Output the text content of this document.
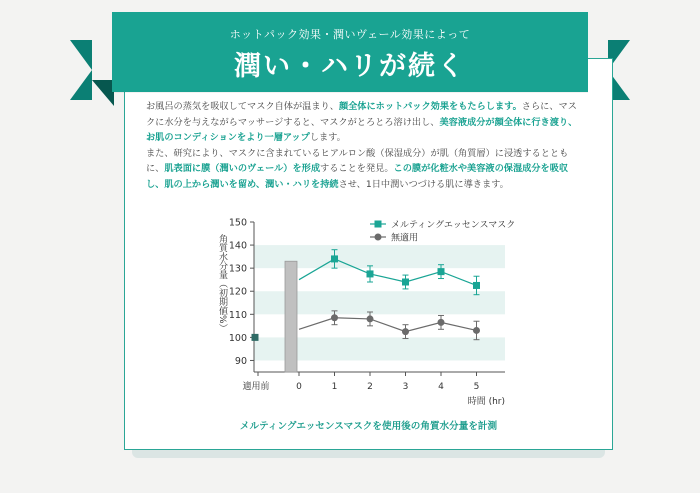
ホットパック効果・潤いヴェール効果によって
潤い・ハリが続く
お風呂の蒸気を吸収してマスク自体が温まり、顔全体にホットパック効果をもたらします。さらに、マスクに水分を与えながらマッサージすると、マスクがとろとろ溶け出し、美容液成分が顔全体に行き渡り、お肌のコンディションをより一層アップします。
また、研究により、マスクに含まれているヒアルロン酸（保湿成分）が肌（角質層）に浸透するとともに、肌表面に膜（潤いのヴェール）を形成することを発見。この膜が化粧水や美容液の保湿成分を吸収し、肌の上から潤いを留め、潤い・ハリを持続させ、1日中潤いつづける肌に導きます。
90
100
110
120
130
140
150
角質水分量（初期値%）
適用前	0	1	2	3	4	5
時間 (hr)
メルティングエッセンスマスク
無適用
メルティングエッセンスマスクを使用後の角質水分量を計測
